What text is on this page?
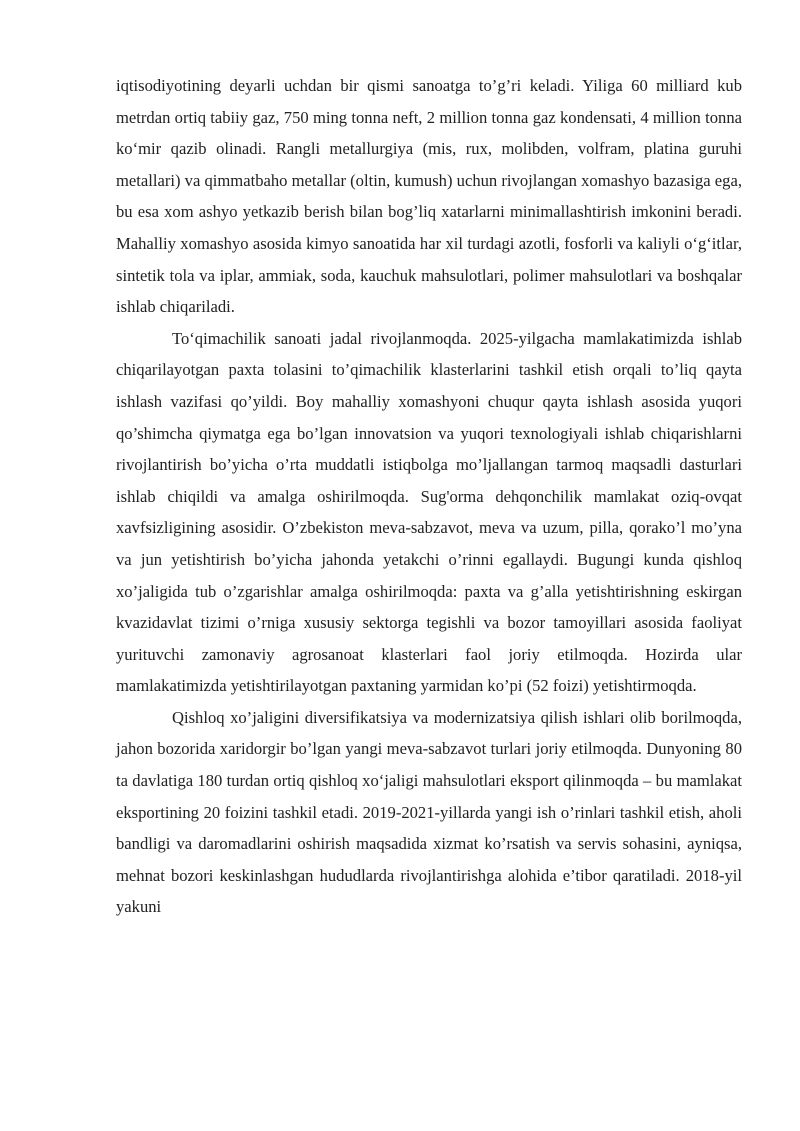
iqtisodiyotining deyarli uchdan bir qismi sanoatga to’g’ri keladi. Yiliga 60 milliard kub metrdan ortiq tabiiy gaz, 750 ming tonna neft, 2 million tonna gaz kondensati, 4 million tonna ko‘mir qazib olinadi. Rangli metallurgiya (mis, rux, molibden, volfram, platina guruhi metallari) va qimmatbaho metallar (oltin, kumush) uchun rivojlangan xomashyo bazasiga ega, bu esa xom ashyo yetkazib berish bilan bog’liq xatarlarni minimallashtirish imkonini beradi. Mahalliy xomashyo asosida kimyo sanoatida har xil turdagi azotli, fosforli va kaliyli o‘g‘itlar, sintetik tola va iplar, ammiak, soda, kauchuk mahsulotlari, polimer mahsulotlari va boshqalar ishlab chiqariladi.

To‘qimachilik sanoati jadal rivojlanmoqda. 2025-yilgacha mamlakatimizda ishlab chiqarilayotgan paxta tolasini to’qimachilik klasterlarini tashkil etish orqali to’liq qayta ishlash vazifasi qo’yildi. Boy mahalliy xomashyoni chuqur qayta ishlash asosida yuqori qo’shimcha qiymatga ega bo’lgan innovatsion va yuqori texnologiyali ishlab chiqarishlarni rivojlantirish bo’yicha o’rta muddatli istiqbolga mo’ljallangan tarmoq maqsadli dasturlari ishlab chiqildi va amalga oshirilmoqda. Sug'orma dehqonchilik mamlakat oziq-ovqat xavfsizligining asosidir. O’zbekiston meva-sabzavot, meva va uzum, pilla, qorako’l mo’yna va jun yetishtirish bo’yicha jahonda yetakchi o’rinni egallaydi. Bugungi kunda qishloq xo’jaligida tub o’zgarishlar amalga oshirilmoqda: paxta va g’alla yetishtirishning eskirgan kvazidavlat tizimi o’rniga xususiy sektorga tegishli va bozor tamoyillari asosida faoliyat yurituvchi zamonaviy agrosanoat klasterlari faol joriy etilmoqda. Hozirda ular mamlakatimizda yetishtirilayotgan paxtaning yarmidan ko’pi (52 foizi) yetishtirmoqda.

Qishloq xo’jaligini diversifikatsiya va modernizatsiya qilish ishlari olib borilmoqda, jahon bozorida xaridorgir bo’lgan yangi meva-sabzavot turlari joriy etilmoqda. Dunyoning 80 ta davlatiga 180 turdan ortiq qishloq xo‘jaligi mahsulotlari eksport qilinmoqda – bu mamlakat eksportining 20 foizini tashkil etadi. 2019-2021-yillarda yangi ish o’rinlari tashkil etish, aholi bandligi va daromadlarini oshirish maqsadida xizmat ko’rsatish va servis sohasini, ayniqsa, mehnat bozori keskinlashgan hududlarda rivojlantirishga alohida e’tibor qaratiladi. 2018-yil yakuni
